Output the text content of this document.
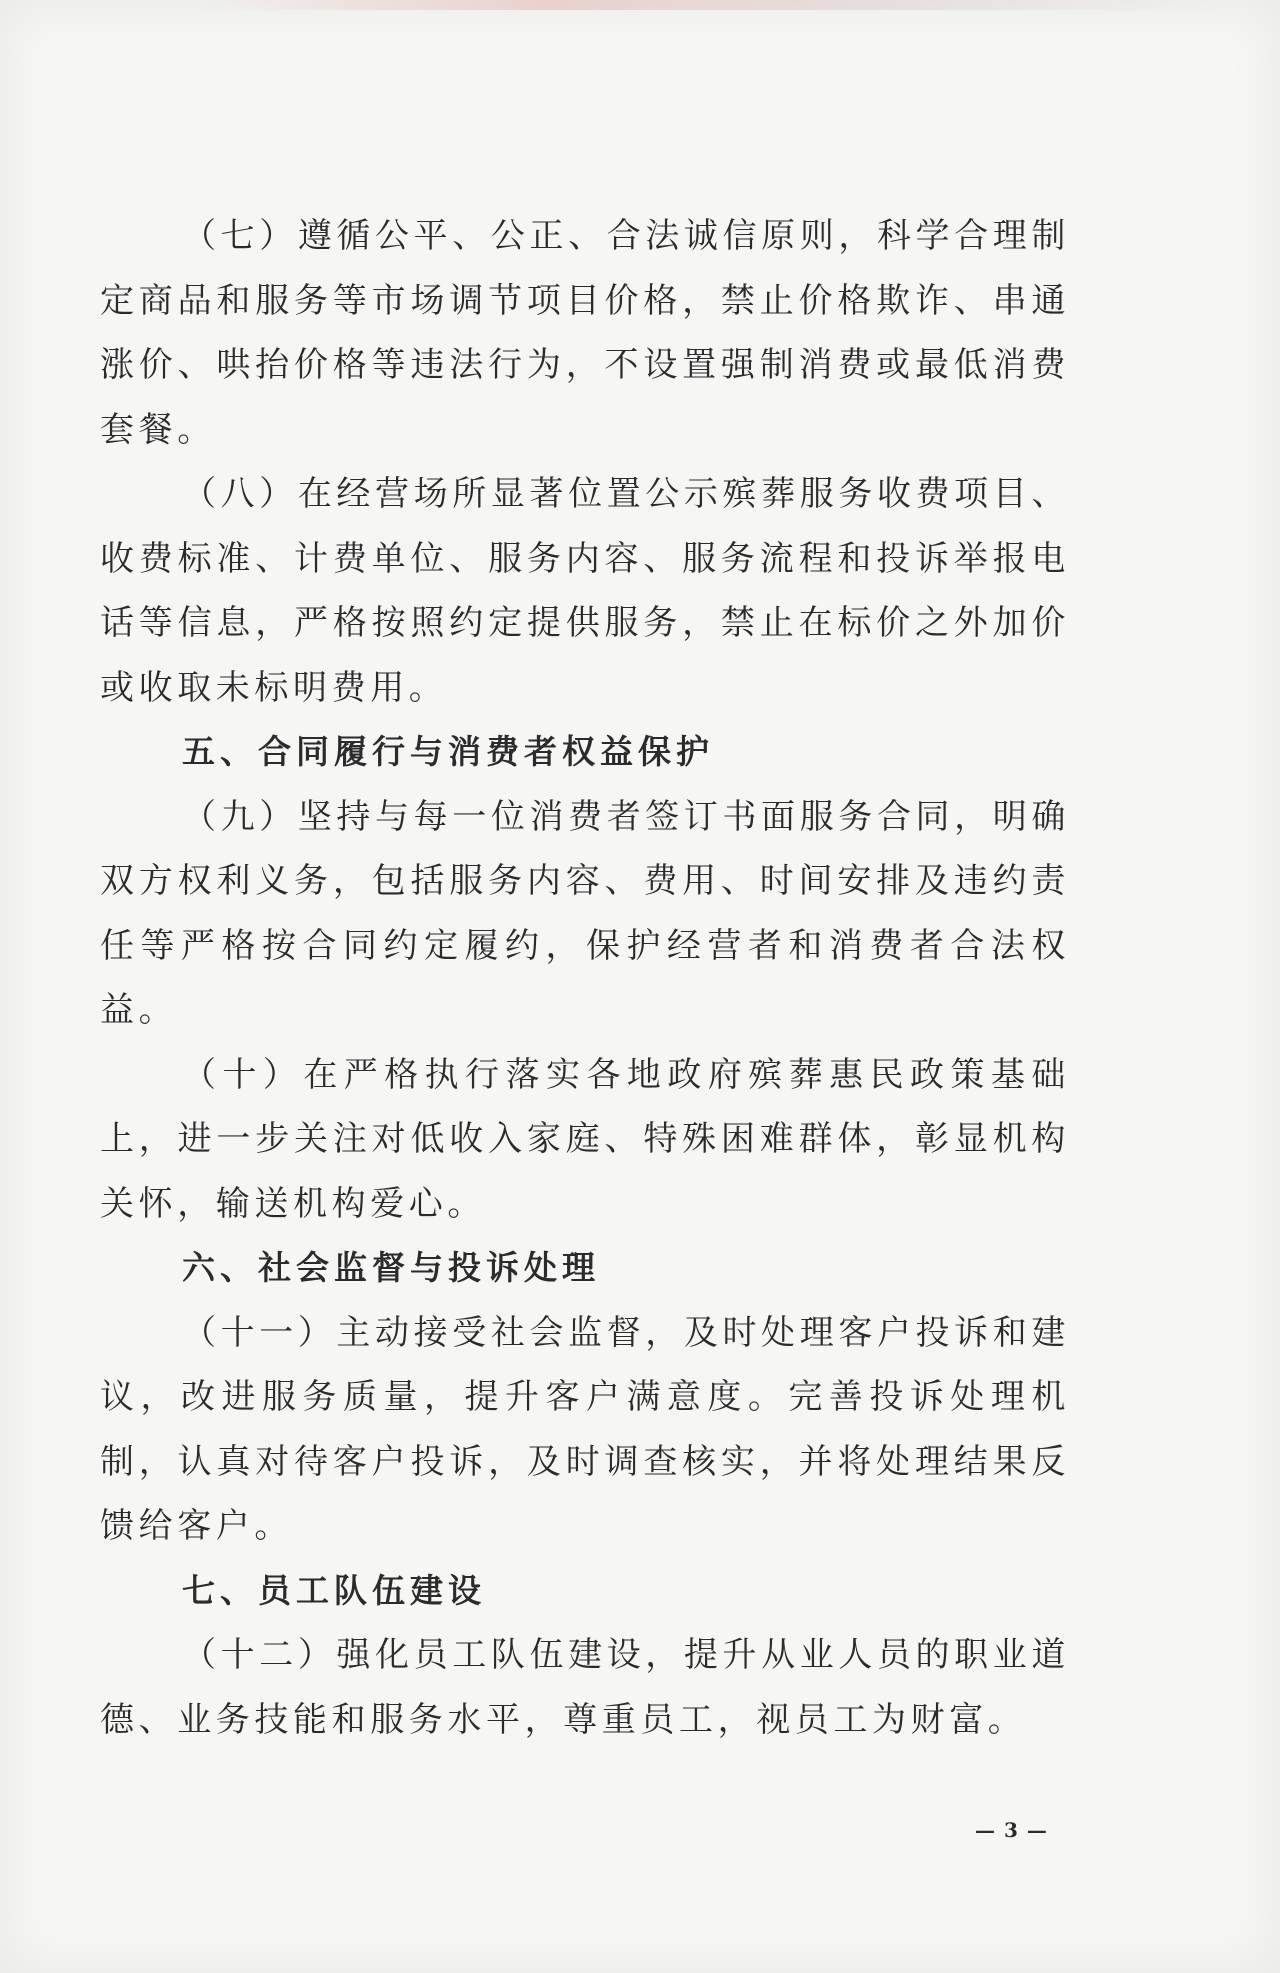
（七）遵循公平、公正、合法诚信原则，科学合理制定商品和服务等市场调节项目价格，禁止价格欺诈、串通涨价、哄抬价格等违法行为，不设置强制消费或最低消费套餐。

（八）在经营场所显著位置公示殡葬服务收费项目、收费标准、计费单位、服务内容、服务流程和投诉举报电话等信息，严格按照约定提供服务，禁止在标价之外加价或收取未标明费用。

五、合同履行与消费者权益保护

（九）坚持与每一位消费者签订书面服务合同，明确双方权利义务，包括服务内容、费用、时间安排及违约责任等严格按合同约定履约，保护经营者和消费者合法权益。

（十）在严格执行落实各地政府殡葬惠民政策基础上，进一步关注对低收入家庭、特殊困难群体，彰显机构关怀，输送机构爱心。

六、社会监督与投诉处理

（十一）主动接受社会监督，及时处理客户投诉和建议，改进服务质量，提升客户满意度。完善投诉处理机制，认真对待客户投诉，及时调查核实，并将处理结果反馈给客户。

七、员工队伍建设

（十二）强化员工队伍建设，提升从业人员的职业道德、业务技能和服务水平，尊重员工，视员工为财富。

— 3 —
